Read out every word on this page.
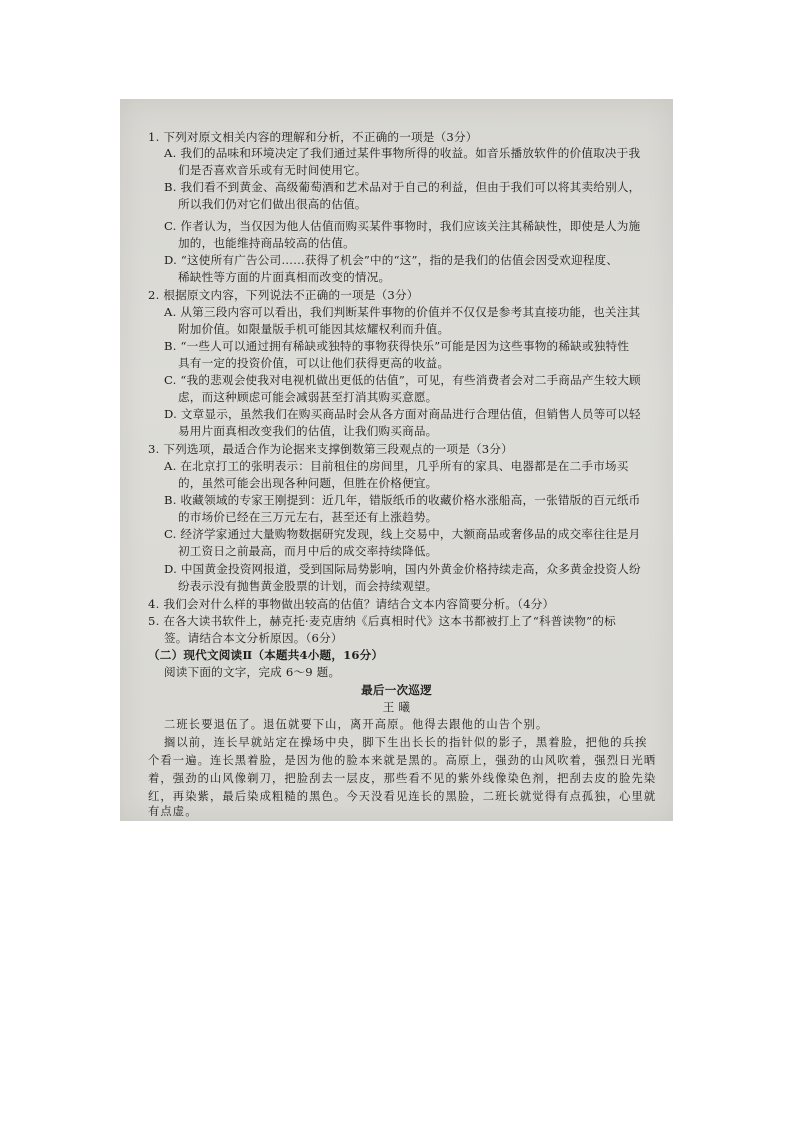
1. 下列对原文相关内容的理解和分析，不正确的一项是（3分）
A. 我们的品味和环境决定了我们通过某件事物所得的收益。如音乐播放软件的价值取决于我
们是否喜欢音乐或有无时间使用它。
B. 我们看不到黄金、高级葡萄酒和艺术品对于自己的利益，但由于我们可以将其卖给别人，
所以我们仍对它们做出很高的估值。
C. 作者认为，当仅因为他人估值而购买某件事物时，我们应该关注其稀缺性，即使是人为施
加的，也能维持商品较高的估值。
D. “这使所有广告公司……获得了机会”中的“这”，指的是我们的估值会因受欢迎程度、
稀缺性等方面的片面真相而改变的情况。
2. 根据原文内容，下列说法不正确的一项是（3分）
A. 从第三段内容可以看出，我们判断某件事物的价值并不仅仅是参考其直接功能，也关注其
附加价值。如限量版手机可能因其炫耀权利而升值。
B. “一些人可以通过拥有稀缺或独特的事物获得快乐”可能是因为这些事物的稀缺或独特性
具有一定的投资价值，可以让他们获得更高的收益。
C. “我的悲观会使我对电视机做出更低的估值”，可见，有些消费者会对二手商品产生较大顾
虑，而这种顾虑可能会减弱甚至打消其购买意愿。
D. 文章显示，虽然我们在购买商品时会从各方面对商品进行合理估值，但销售人员等可以轻
易用片面真相改变我们的估值，让我们购买商品。
3. 下列选项，最适合作为论据来支撑倒数第三段观点的一项是（3分）
A. 在北京打工的张明表示：目前租住的房间里，几乎所有的家具、电器都是在二手市场买
的，虽然可能会出现各种问题，但胜在价格便宜。
B. 收藏领域的专家王刚提到：近几年，错版纸币的收藏价格水涨船高，一张错版的百元纸币
的市场价已经在三万元左右，甚至还有上涨趋势。
C. 经济学家通过大量购物数据研究发现，线上交易中，大额商品或奢侈品的成交率往往是月
初工资日之前最高，而月中后的成交率持续降低。
D. 中国黄金投资网报道，受到国际局势影响，国内外黄金价格持续走高，众多黄金投资人纷
纷表示没有抛售黄金股票的计划，而会持续观望。
4. 我们会对什么样的事物做出较高的估值？请结合文本内容简要分析。（4分）
5. 在各大读书软件上，赫克托·麦克唐纳《后真相时代》这本书都被打上了“科普读物”的标
签。请结合本文分析原因。（6分）
（二）现代文阅读Ⅱ（本题共4小题，16分）
阅读下面的文字，完成 6～9 题。
最后一次巡逻
王 曦
二班长要退伍了。退伍就要下山，离开高原。他得去跟他的山告个别。
搁以前，连长早就站定在操场中央，脚下生出长长的指针似的影子，黑着脸，把他的兵挨
个看一遍。连长黑着脸，是因为他的脸本来就是黑的。高原上，强劲的山风吹着，强烈日光晒
着，强劲的山风像剃刀，把脸刮去一层皮，那些看不见的紫外线像染色剂，把刮去皮的脸先染
红，再染紫，最后染成粗糙的黑色。今天没看见连长的黑脸，二班长就觉得有点孤独，心里就
有点虚。
